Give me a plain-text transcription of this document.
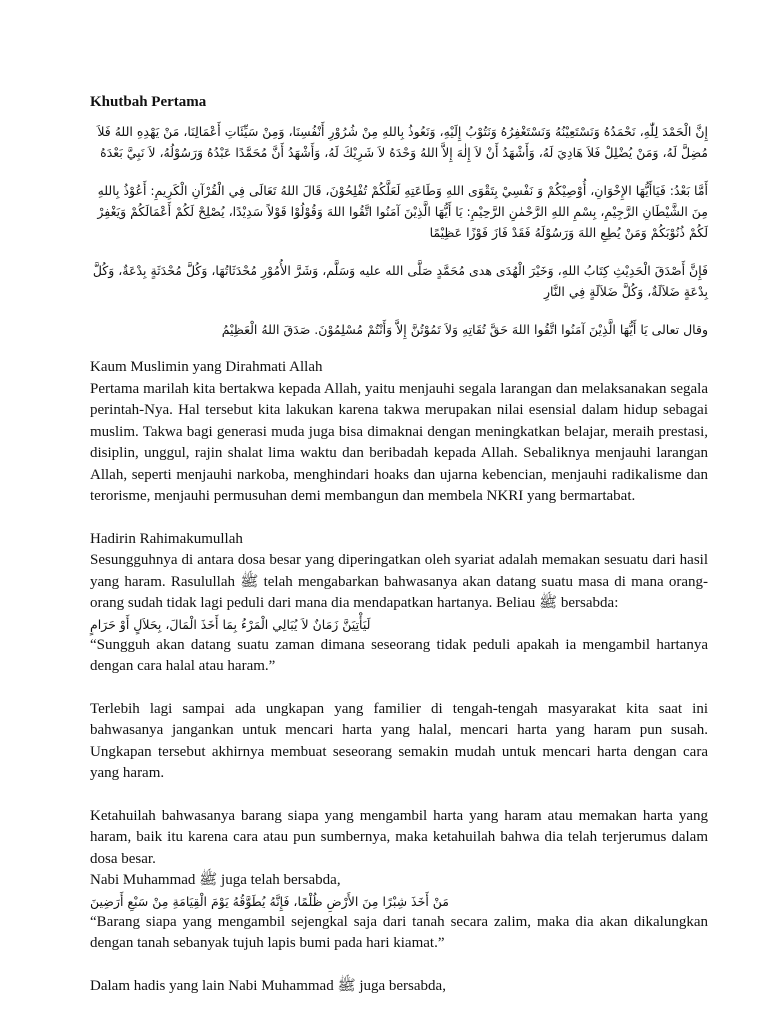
Khutbah Pertama

إِنَّ الْحَمْدَ لِلّٰهِ، نَحْمَدُهُ وَنَسْتَعِيْنُهُ وَنَسْتَغْفِرُهُ وَنَتُوْبُ إِلَيْهِ، وَنَعُوذُ بِاللهِ مِنْ شُرُوْرِ أَنْفُسِنَا، وَمِنْ سَيِّئَاتِ أَعْمَالِنَا، مَنْ يَهْدِهِ اللهُ فَلاَ مُضِلَّ لَهُ، وَمَنْ يُضْلِلْ فَلاَ هَادِيَ لَهُ، وَأَشْهَدُ أَنْ لاَ إِلٰهَ إِلاَّ اللهُ وَحْدَهُ لاَ شَرِيْكَ لَهُ، وَأَشْهَدُ أَنَّ مُحَمَّدًا عَبْدُهُ وَرَسُوْلُهُ، لاَ نَبِيَّ بَعْدَهُ

أَمَّا بَعْدُ: فَيَاأَيُّهَا الإِخْوَانِ، أُوْصِيْكُمْ وَ نَفْسِيْ بِتَقْوَى اللهِ وَطَاعَتِهِ لَعَلَّكُمْ تُفْلِحُوْنَ، قَالَ اللهُ تَعَالَى فِي الْقُرْآنِ الْكَرِيمِ: أَعُوْذُ بِاللهِ مِنَ الشَّيْطَانِ الرَّجِيْمِ، بِسْمِ اللهِ الرَّحْمٰنِ الرَّحِيْمِ: يَا أَيُّهَا الَّذِيْنَ آمَنُوا اتَّقُوا اللهَ وَقُوْلُوْا قَوْلاً سَدِيْدًا، يُصْلِحْ لَكُمْ أَعْمَالَكُمْ وَيَغْفِرْ لَكُمْ ذُنُوْبَكُمْ وَمَنْ يُطِعِ اللهَ وَرَسُوْلَهُ فَقَدْ فَازَ فَوْزًا عَظِيْمًا

فَإِنَّ أَصْدَقَ الْحَدِيْثِ كِتَابُ اللهِ، وَخَيْرَ الْهُدَى هدى مُحَمَّدٍ صَلَّى الله عليه وَسَلَّم، وَشَرَّ الأُمُوْرِ مُحْدَثَاتُهَا، وَكُلَّ مُحْدَثَةٍ بِدْعَةٌ، وَكُلَّ بِدْعَةٍ ضَلاَلَةٌ، وَكُلَّ ضَلاَلَةٍ فِي النَّارِ

وقال تعالى يَا أَيُّهَا الَّذِيْنَ آمَنُوا اتَّقُوا اللهَ حَقَّ تُقَاتِهِ وَلاَ تَمُوْتُنَّ إِلاَّ وَأَنْتُمْ مُسْلِمُوْنَ. صَدَقَ اللهُ الْعَظِيْمُ

Kaum Muslimin yang Dirahmati Allah

Pertama marilah kita bertakwa kepada Allah, yaitu menjauhi segala larangan dan melaksanakan segala perintah-Nya. Hal tersebut kita lakukan karena takwa merupakan nilai esensial dalam hidup sebagai muslim. Takwa bagi generasi muda juga bisa dimaknai dengan meningkatkan belajar, meraih prestasi, disiplin, unggul, rajin shalat lima waktu dan beribadah kepada Allah. Sebaliknya menjauhi larangan Allah, seperti menjauhi narkoba, menghindari hoaks dan ujarna kebencian, menjauhi radikalisme dan terorisme, menjauhi permusuhan demi membangun dan membela NKRI yang bermartabat.

Hadirin Rahimakumullah

Sesungguhnya di antara dosa besar yang diperingatkan oleh syariat adalah memakan sesuatu dari hasil yang haram. Rasulullah ﷺ telah mengabarkan bahwasanya akan datang suatu masa di mana orang-orang sudah tidak lagi peduli dari mana dia mendapatkan hartanya. Beliau ﷺ bersabda:

لَيَأْتِيَنَّ زَمَانٌ لاَ يُبَالِي الْمَرْءُ بِمَا أَخَذَ الْمَالَ، بِحَلاَلٍ أَوْ حَرَامٍ

“Sungguh akan datang suatu zaman dimana seseorang tidak peduli apakah ia mengambil hartanya dengan cara halal atau haram.”

Terlebih lagi sampai ada ungkapan yang familier di tengah-tengah masyarakat kita saat ini bahwasanya jangankan untuk mencari harta yang halal, mencari harta yang haram pun susah. Ungkapan tersebut akhirnya membuat seseorang semakin mudah untuk mencari harta dengan cara yang haram.

Ketahuilah bahwasanya barang siapa yang mengambil harta yang haram atau memakan harta yang haram, baik itu karena cara atau pun sumbernya, maka ketahuilah bahwa dia telah terjerumus dalam dosa besar.

Nabi Muhammad ﷺ juga telah bersabda,

مَنْ أَخَذَ شِبْرًا مِنَ الأَرْضِ ظُلْمًا، فَإِنَّهُ يُطَوَّقُهُ يَوْمَ الْقِيَامَةِ مِنْ سَبْعِ أَرَضِينَ

“Barang siapa yang mengambil sejengkal saja dari tanah secara zalim, maka dia akan dikalungkan dengan tanah sebanyak tujuh lapis bumi pada hari kiamat.”

Dalam hadis yang lain Nabi Muhammad ﷺ juga bersabda,
